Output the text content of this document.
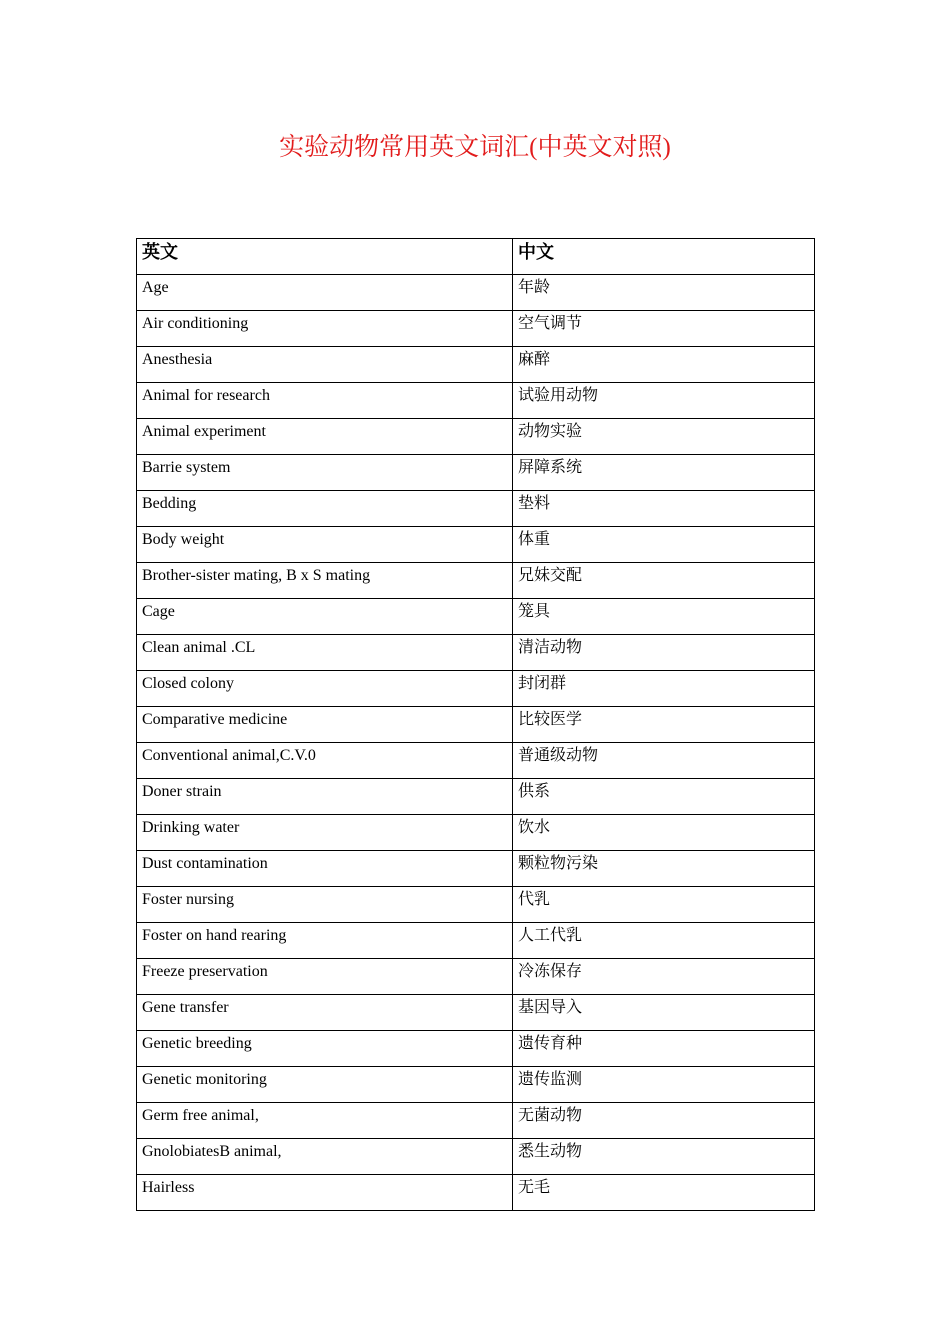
实验动物常用英文词汇(中英文对照)
英文	中文
Age	年龄
Air conditioning	空气调节
Anesthesia	麻醉
Animal for research	试验用动物
Animal experiment	动物实验
Barrie system	屏障系统
Bedding	垫料
Body weight	体重
Brother-sister mating, B x S mating	兄妹交配
Cage	笼具
Clean animal .CL	清洁动物
Closed colony	封闭群
Comparative medicine	比较医学
Conventional animal,C.V.0	普通级动物
Doner strain	供系
Drinking water	饮水
Dust contamination	颗粒物污染
Foster nursing	代乳
Foster on hand rearing	人工代乳
Freeze preservation	冷冻保存
Gene transfer	基因导入
Genetic breeding	遗传育种
Genetic monitoring	遗传监测
Germ free animal,	无菌动物
GnolobiatesB animal,	悉生动物
Hairless	无毛
